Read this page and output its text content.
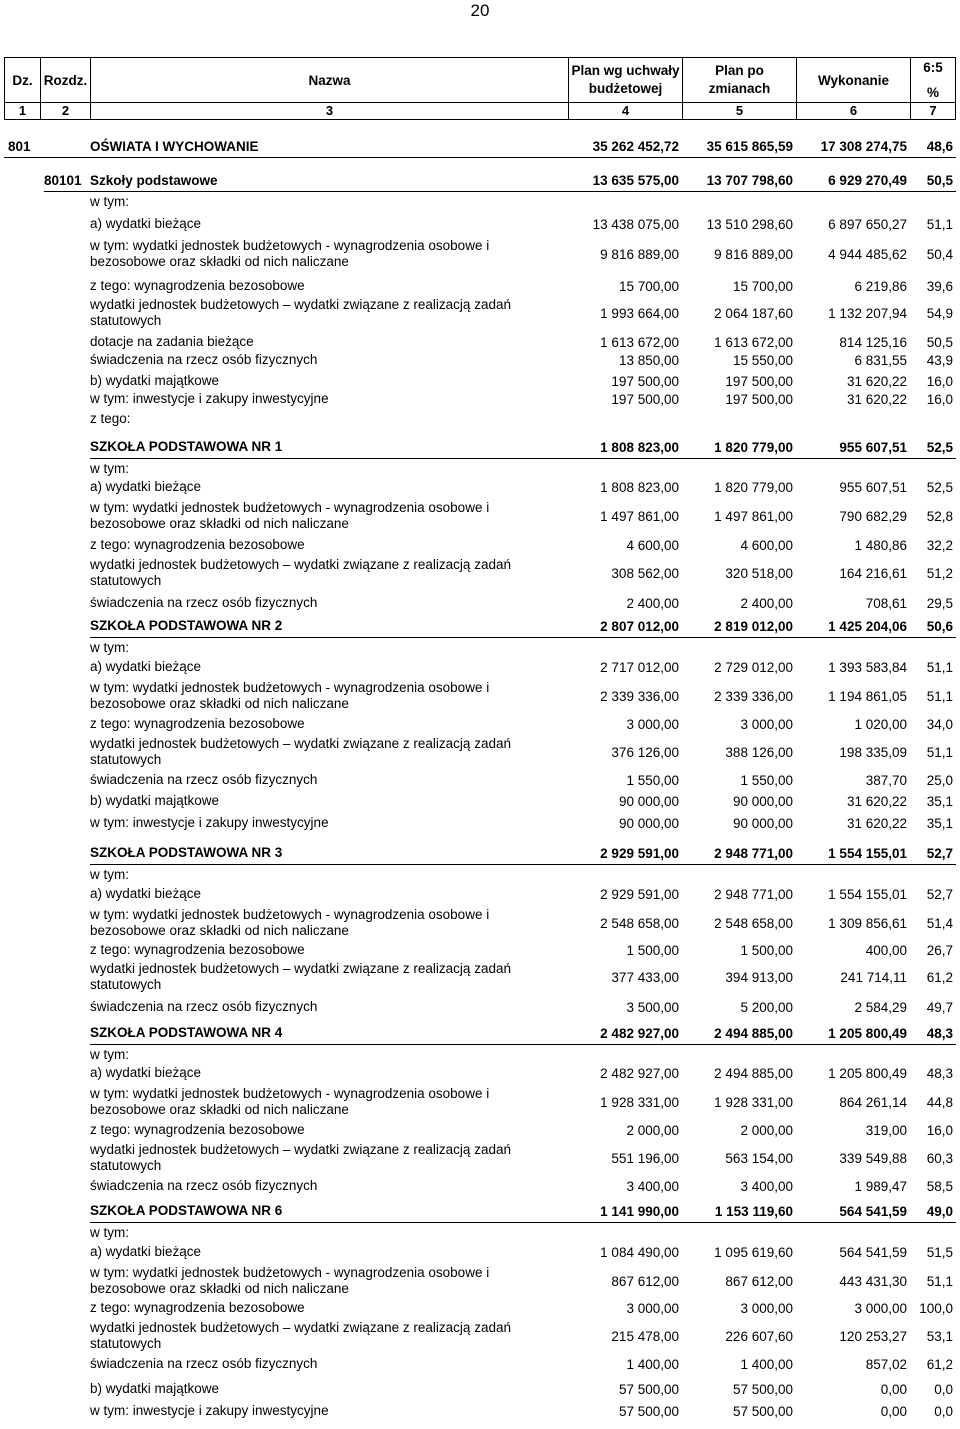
20
Dz. Rozdz.	Nazwa
Plan wg uchwały
budżetowej
Plan po
zmianach
Wykonanie
6:5
%
1	2	3	4	5	6	7
801	OŚWIATA I WYCHOWANIE	35 262 452,72	35 615 865,59	17 308 274,75	48,6
80101 Szkoły podstawowe	13 635 575,00	13 707 798,60	6 929 270,49	50,5
w tym:
a) wydatki bieżące	13 438 075,00	13 510 298,60	6 897 650,27	51,1
w tym: wydatki jednostek budżetowych - wynagrodzenia osobowe i
bezosobowe oraz składki od nich naliczane	9 816 889,00	9 816 889,00	4 944 485,62	50,4
z tego: wynagrodzenia bezosobowe	15 700,00	15 700,00	6 219,86	39,6
wydatki jednostek budżetowych – wydatki związane z realizacją zadań
statutowych	1 993 664,00	2 064 187,60	1 132 207,94	54,9
dotacje na zadania bieżące	1 613 672,00	1 613 672,00	814 125,16	50,5
świadczenia na rzecz osób fizycznych	13 850,00	15 550,00	6 831,55	43,9
b) wydatki majątkowe	197 500,00	197 500,00	31 620,22	16,0
w tym: inwestycje i zakupy inwestycyjne	197 500,00	197 500,00	31 620,22	16,0
z tego:
SZKOŁA PODSTAWOWA NR 1	1 808 823,00	1 820 779,00	955 607,51	52,5
w tym:
a) wydatki bieżące	1 808 823,00	1 820 779,00	955 607,51	52,5
w tym: wydatki jednostek budżetowych - wynagrodzenia osobowe i
bezosobowe oraz składki od nich naliczane	1 497 861,00	1 497 861,00	790 682,29	52,8
z tego: wynagrodzenia bezosobowe	4 600,00	4 600,00	1 480,86	32,2
wydatki jednostek budżetowych – wydatki związane z realizacją zadań
statutowych	308 562,00	320 518,00	164 216,61	51,2
świadczenia na rzecz osób fizycznych	2 400,00	2 400,00	708,61	29,5
SZKOŁA PODSTAWOWA NR 2	2 807 012,00	2 819 012,00	1 425 204,06	50,6
w tym:
a) wydatki bieżące	2 717 012,00	2 729 012,00	1 393 583,84	51,1
w tym: wydatki jednostek budżetowych - wynagrodzenia osobowe i
bezosobowe oraz składki od nich naliczane	2 339 336,00	2 339 336,00	1 194 861,05	51,1
z tego: wynagrodzenia bezosobowe	3 000,00	3 000,00	1 020,00	34,0
wydatki jednostek budżetowych – wydatki związane z realizacją zadań
statutowych	376 126,00	388 126,00	198 335,09	51,1
świadczenia na rzecz osób fizycznych	1 550,00	1 550,00	387,70	25,0
b) wydatki majątkowe	90 000,00	90 000,00	31 620,22	35,1
w tym: inwestycje i zakupy inwestycyjne	90 000,00	90 000,00	31 620,22	35,1
SZKOŁA PODSTAWOWA NR 3	2 929 591,00	2 948 771,00	1 554 155,01	52,7
w tym:
a) wydatki bieżące	2 929 591,00	2 948 771,00	1 554 155,01	52,7
w tym: wydatki jednostek budżetowych - wynagrodzenia osobowe i
bezosobowe oraz składki od nich naliczane	2 548 658,00	2 548 658,00	1 309 856,61	51,4
z tego: wynagrodzenia bezosobowe	1 500,00	1 500,00	400,00	26,7
wydatki jednostek budżetowych – wydatki związane z realizacją zadań
statutowych	377 433,00	394 913,00	241 714,11	61,2
świadczenia na rzecz osób fizycznych	3 500,00	5 200,00	2 584,29	49,7
SZKOŁA PODSTAWOWA NR 4	2 482 927,00	2 494 885,00	1 205 800,49	48,3
w tym:
a) wydatki bieżące	2 482 927,00	2 494 885,00	1 205 800,49	48,3
w tym: wydatki jednostek budżetowych - wynagrodzenia osobowe i
bezosobowe oraz składki od nich naliczane	1 928 331,00	1 928 331,00	864 261,14	44,8
z tego: wynagrodzenia bezosobowe	2 000,00	2 000,00	319,00	16,0
wydatki jednostek budżetowych – wydatki związane z realizacją zadań
statutowych	551 196,00	563 154,00	339 549,88	60,3
świadczenia na rzecz osób fizycznych	3 400,00	3 400,00	1 989,47	58,5
SZKOŁA PODSTAWOWA NR 6	1 141 990,00	1 153 119,60	564 541,59	49,0
w tym:
a) wydatki bieżące	1 084 490,00	1 095 619,60	564 541,59	51,5
w tym: wydatki jednostek budżetowych - wynagrodzenia osobowe i
bezosobowe oraz składki od nich naliczane	867 612,00	867 612,00	443 431,30	51,1
z tego: wynagrodzenia bezosobowe	3 000,00	3 000,00	3 000,00 100,0
wydatki jednostek budżetowych – wydatki związane z realizacją zadań
statutowych	215 478,00	226 607,60	120 253,27	53,1
świadczenia na rzecz osób fizycznych	1 400,00	1 400,00	857,02	61,2
b) wydatki majątkowe	57 500,00	57 500,00	0,00	0,0
w tym: inwestycje i zakupy inwestycyjne	57 500,00	57 500,00	0,00	0,0
